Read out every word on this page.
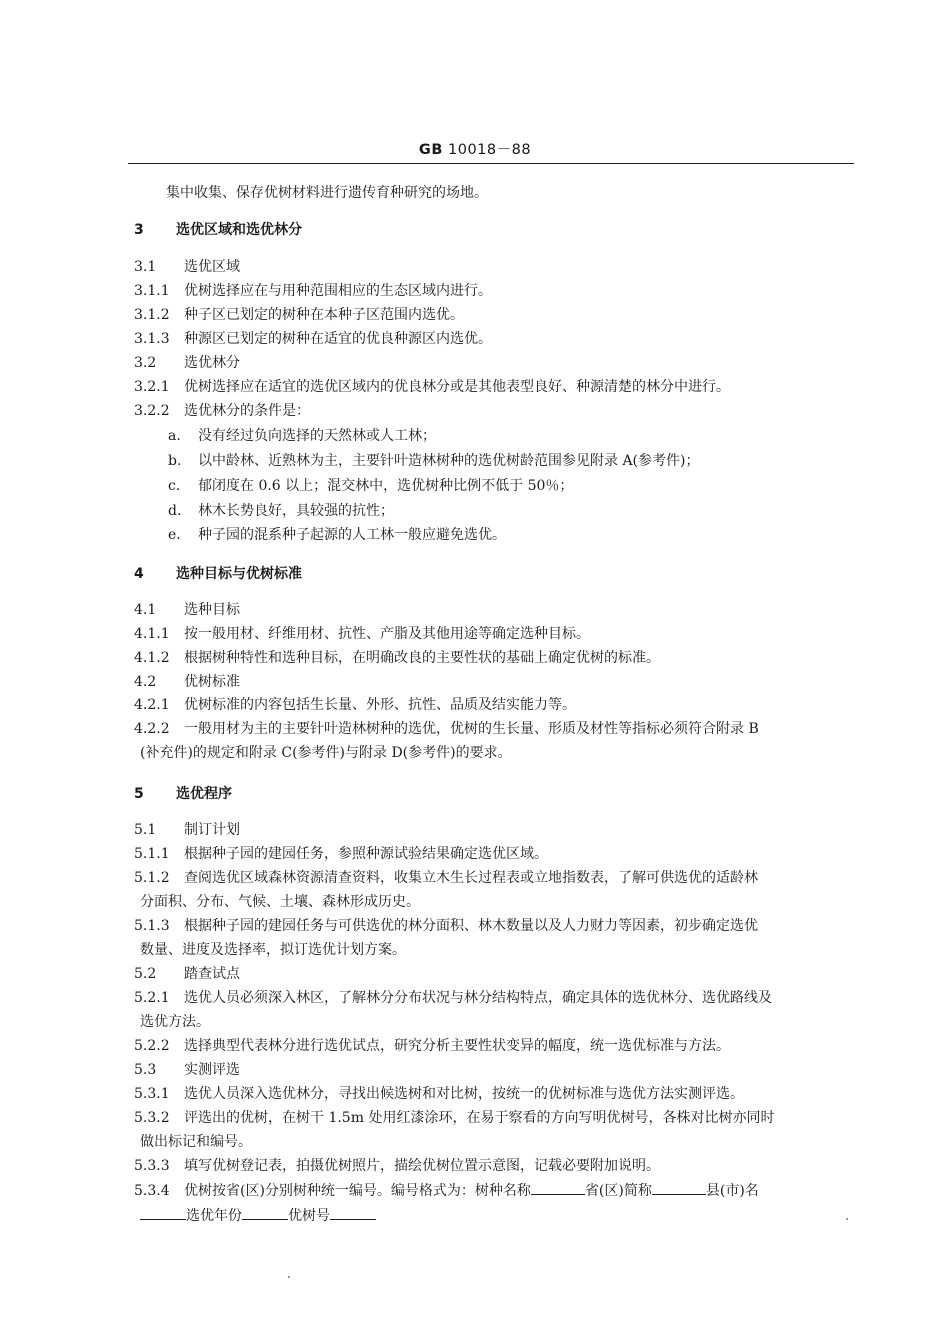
GB 10018－88
集中收集、保存优树材料进行遗传育种研究的场地。
3 选优区域和选优林分
3.1 选优区域
3.1.1 优树选择应在与用种范围相应的生态区域内进行。
3.1.2 种子区已划定的树种在本种子区范围内选优。
3.1.3 种源区已划定的树种在适宜的优良种源区内选优。
3.2 选优林分
3.2.1 优树选择应在适宜的选优区域内的优良林分或是其他表型良好、种源清楚的林分中进行。
3.2.2 选优林分的条件是：
a. 没有经过负向选择的天然林或人工林；
b. 以中龄林、近熟林为主，主要针叶造林树种的选优树龄范围参见附录 A(参考件)；
c. 郁闭度在 0.6 以上；混交林中，选优树种比例不低于 50％；
d. 林木长势良好，具较强的抗性；
e. 种子园的混系种子起源的人工林一般应避免选优。
4 选种目标与优树标准
4.1 选种目标
4.1.1 按一般用材、纤维用材、抗性、产脂及其他用途等确定选种目标。
4.1.2 根据树种特性和选种目标，在明确改良的主要性状的基础上确定优树的标准。
4.2 优树标准
4.2.1 优树标准的内容包括生长量、外形、抗性、品质及结实能力等。
4.2.2 一般用材为主的主要针叶造林树种的选优，优树的生长量、形质及材性等指标必须符合附录 B
(补充件)的规定和附录 C(参考件)与附录 D(参考件)的要求。
5 选优程序
5.1 制订计划
5.1.1 根据种子园的建园任务，参照种源试验结果确定选优区域。
5.1.2 查阅选优区域森林资源清查资料，收集立木生长过程表或立地指数表，了解可供选优的适龄林
分面积、分布、气候、土壤、森林形成历史。
5.1.3 根据种子园的建园任务与可供选优的林分面积、林木数量以及人力财力等因素，初步确定选优
数量、进度及选择率，拟订选优计划方案。
5.2 踏查试点
5.2.1 选优人员必须深入林区，了解林分分布状况与林分结构特点，确定具体的选优林分、选优路线及
选优方法。
5.2.2 选择典型代表林分进行选优试点，研究分析主要性状变异的幅度，统一选优标准与方法。
5.3 实测评选
5.3.1 选优人员深入选优林分，寻找出候选树和对比树，按统一的优树标准与选优方法实测评选。
5.3.2 评选出的优树，在树干 1.5m 处用红漆涂环，在易于察看的方向写明优树号，各株对比树亦同时
做出标记和编号。
5.3.3 填写优树登记表，拍摄优树照片，描绘优树位置示意图，记载必要附加说明。
5.3.4 优树按省(区)分别树种统一编号。编号格式为：树种名称	省(区)简称	县(市)名
选优年份	优树号
